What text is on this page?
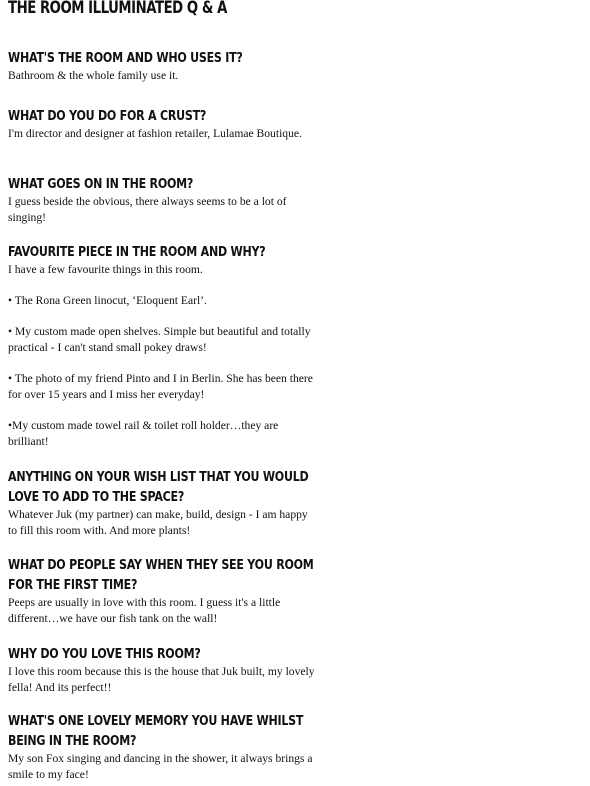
THE ROOM ILLUMINATED Q & A
WHAT'S THE ROOM AND WHO USES IT?

Bathroom & the whole family use it.

WHAT DO YOU DO FOR A CRUST?

I'm director and designer at fashion retailer, Lulamae Boutique.

WHAT GOES ON IN THE ROOM?

I guess beside the obvious, there always seems to be a lot of singing!

FAVOURITE PIECE IN THE ROOM AND WHY?

I have a few favourite things in this room.

• The Rona Green linocut, ‘Eloquent Earl’.

• My custom made open shelves. Simple but beautiful and totally practical - I can't stand small pokey draws!

• The photo of my friend Pinto and I in Berlin. She has been there for over 15 years and I miss her everyday!

•My custom made towel rail & toilet roll holder…they are brilliant!

ANYTHING ON YOUR WISH LIST THAT YOU WOULD LOVE TO ADD TO THE SPACE?

Whatever Juk (my partner) can make, build, design - I am happy to fill this room with. And more plants!

WHAT DO PEOPLE SAY WHEN THEY SEE YOU ROOM FOR THE FIRST TIME?

Peeps are usually in love with this room. I guess it's a little different…we have our fish tank on the wall!

WHY DO YOU LOVE THIS ROOM?

I love this room because this is the house that Juk built, my lovely fella! And its perfect!!

WHAT'S ONE LOVELY MEMORY YOU HAVE WHILST BEING IN THE ROOM?

My son Fox singing and dancing in the shower, it always brings a smile to my face!
